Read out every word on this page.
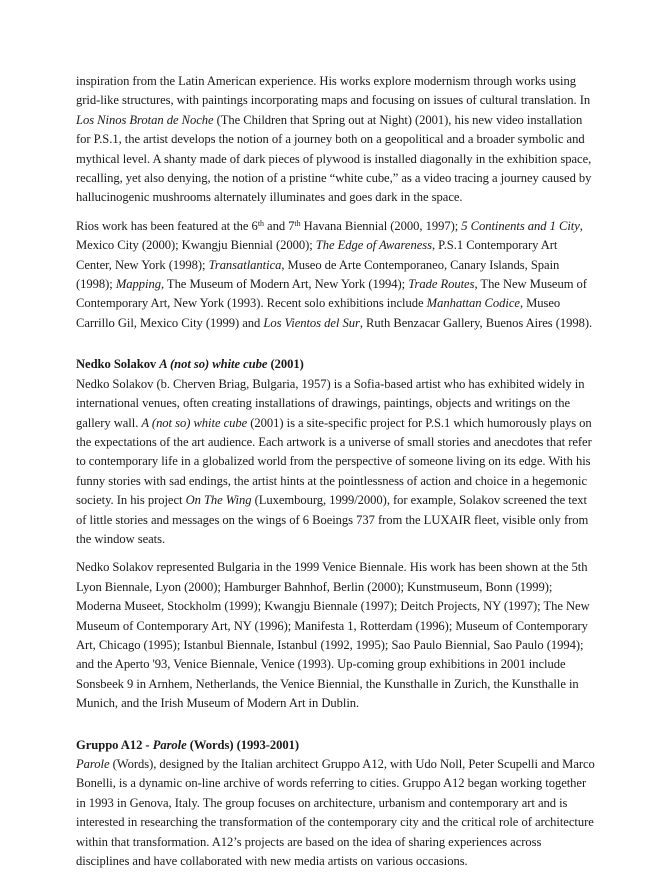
inspiration from the Latin American experience. His works explore modernism through works using grid-like structures, with paintings incorporating maps and focusing on issues of cultural translation. In Los Ninos Brotan de Noche (The Children that Spring out at Night) (2001), his new video installation for P.S.1, the artist develops the notion of a journey both on a geopolitical and a broader symbolic and mythical level. A shanty made of dark pieces of plywood is installed diagonally in the exhibition space, recalling, yet also denying, the notion of a pristine “white cube,” as a video tracing a journey caused by hallucinogenic mushrooms alternately illuminates and goes dark in the space.

Rios work has been featured at the 6th and 7th Havana Biennial (2000, 1997); 5 Continents and 1 City, Mexico City (2000); Kwangju Biennial (2000); The Edge of Awareness, P.S.1 Contemporary Art Center, New York (1998); Transatlantica, Museo de Arte Contemporaneo, Canary Islands, Spain (1998); Mapping, The Museum of Modern Art, New York (1994); Trade Routes, The New Museum of Contemporary Art, New York (1993). Recent solo exhibitions include Manhattan Codice, Museo Carrillo Gil, Mexico City (1999) and Los Vientos del Sur, Ruth Benzacar Gallery, Buenos Aires (1998).

Nedko Solakov A (not so) white cube (2001)

Nedko Solakov (b. Cherven Briag, Bulgaria, 1957) is a Sofia-based artist who has exhibited widely in international venues, often creating installations of drawings, paintings, objects and writings on the gallery wall. A (not so) white cube (2001) is a site-specific project for P.S.1 which humorously plays on the expectations of the art audience. Each artwork is a universe of small stories and anecdotes that refer to contemporary life in a globalized world from the perspective of someone living on its edge. With his funny stories with sad endings, the artist hints at the pointlessness of action and choice in a hegemonic society. In his project On The Wing (Luxembourg, 1999/2000), for example, Solakov screened the text of little stories and messages on the wings of 6 Boeings 737 from the LUXAIR fleet, visible only from the window seats.

Nedko Solakov represented Bulgaria in the 1999 Venice Biennale. His work has been shown at the 5th Lyon Biennale, Lyon (2000); Hamburger Bahnhof, Berlin (2000); Kunstmuseum, Bonn (1999); Moderna Museet, Stockholm (1999); Kwangju Biennale (1997); Deitch Projects, NY (1997); The New Museum of Contemporary Art, NY (1996); Manifesta 1, Rotterdam (1996); Museum of Contemporary Art, Chicago (1995); Istanbul Biennale, Istanbul (1992, 1995); Sao Paulo Biennial, Sao Paulo (1994); and the Aperto '93, Venice Biennale, Venice (1993). Up-coming group exhibitions in 2001 include Sonsbeek 9 in Arnhem, Netherlands, the Venice Biennial, the Kunsthalle in Zurich, the Kunsthalle in Munich, and the Irish Museum of Modern Art in Dublin.

Gruppo A12 - Parole (Words) (1993-2001)

Parole (Words), designed by the Italian architect Gruppo A12, with Udo Noll, Peter Scupelli and Marco Bonelli, is a dynamic on-line archive of words referring to cities. Gruppo A12 began working together in 1993 in Genova, Italy. The group focuses on architecture, urbanism and contemporary art and is interested in researching the transformation of the contemporary city and the critical role of architecture within that transformation. A12’s projects are based on the idea of sharing experiences across disciplines and have collaborated with new media artists on various occasions.
